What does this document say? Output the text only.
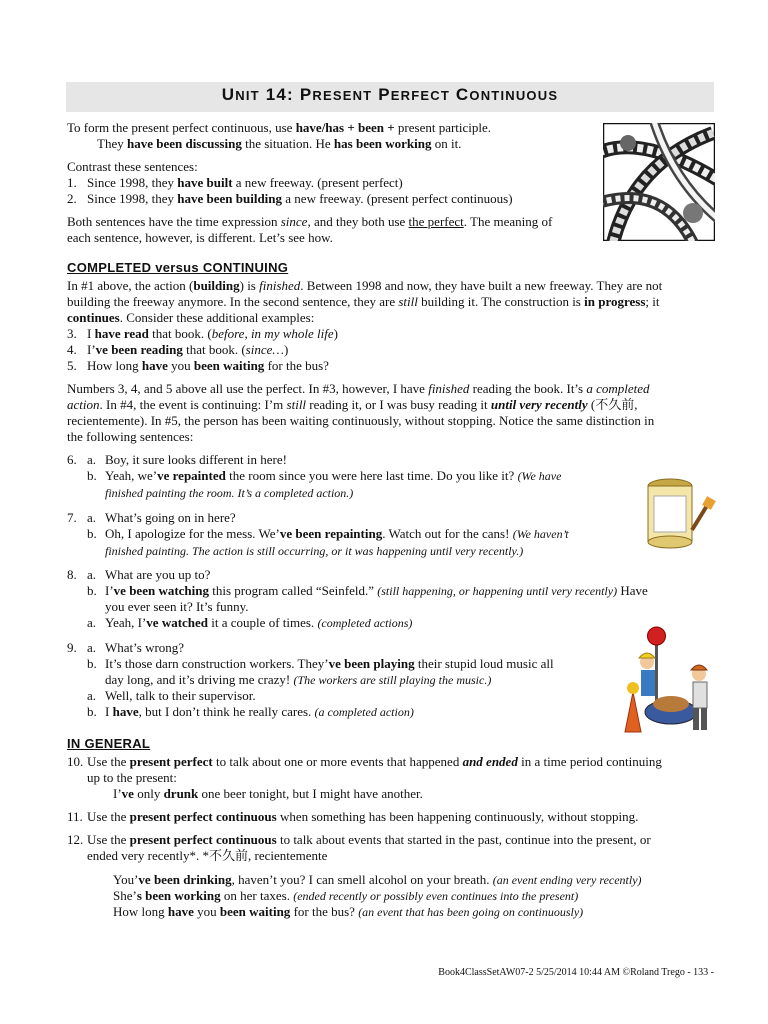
UNIT 14: PRESENT PERFECT CONTINUOUS
To form the present perfect continuous, use have/has + been + present participle.
They have been discussing the situation. He has been working on it.
Contrast these sentences:
1. Since 1998, they have built a new freeway. (present perfect)
2. Since 1998, they have been building a new freeway. (present perfect continuous)
Both sentences have the time expression since, and they both use the perfect. The meaning of
each sentence, however, is different. Let’s see how.
COMPLETED versus CONTINUING
In #1 above, the action (building) is finished. Between 1998 and now, they have built a new freeway. They are not
building the freeway anymore. In the second sentence, they are still building it. The construction is in progress; it
continues. Consider these additional examples:
3. I have read that book. (before, in my whole life)
4. I’ve been reading that book. (since…)
5. How long have you been waiting for the bus?
Numbers 3, 4, and 5 above all use the perfect. In #3, however, I have finished reading the book. It’s a completed
action. In #4, the event is continuing: I’m still reading it, or I was busy reading it until very recently (不久前,
recientemente). In #5, the person has been waiting continuously, without stopping. Notice the same distinction in
the following sentences:
6. a. Boy, it sure looks different in here!
b. Yeah, we’ve repainted the room since you were here last time. Do you like it? (We have
finished painting the room. It’s a completed action.)
7. a. What’s going on in here?
b. Oh, I apologize for the mess. We’ve been repainting. Watch out for the cans! (We haven’t
finished painting. The action is still occurring, or it was happening until very recently.)
8. a. What are you up to?
b. I’ve been watching this program called “Seinfeld.” (still happening, or happening until very recently) Have
you ever seen it? It’s funny.
a. Yeah, I’ve watched it a couple of times. (completed actions)
9. a. What’s wrong?
b. It’s those darn construction workers. They’ve been playing their stupid loud music all
day long, and it’s driving me crazy! (The workers are still playing the music.)
a. Well, talk to their supervisor.
b. I have, but I don’t think he really cares. (a completed action)
IN GENERAL
10. Use the present perfect to talk about one or more events that happened and ended in a time period continuing
up to the present:
I’ve only drunk one beer tonight, but I might have another.
11. Use the present perfect continuous when something has been happening continuously, without stopping.
12. Use the present perfect continuous to talk about events that started in the past, continue into the present, or
ended very recently*. *不久前, recientemente
You’ve been drinking, haven’t you? I can smell alcohol on your breath. (an event ending very recently)
She’s been working on her taxes. (ended recently or possibly even continues into the present)
How long have you been waiting for the bus? (an event that has been going on continuously)
Book4ClassSetAW07-2 5/25/2014 10:44 AM ©Roland Trego - 133 -
